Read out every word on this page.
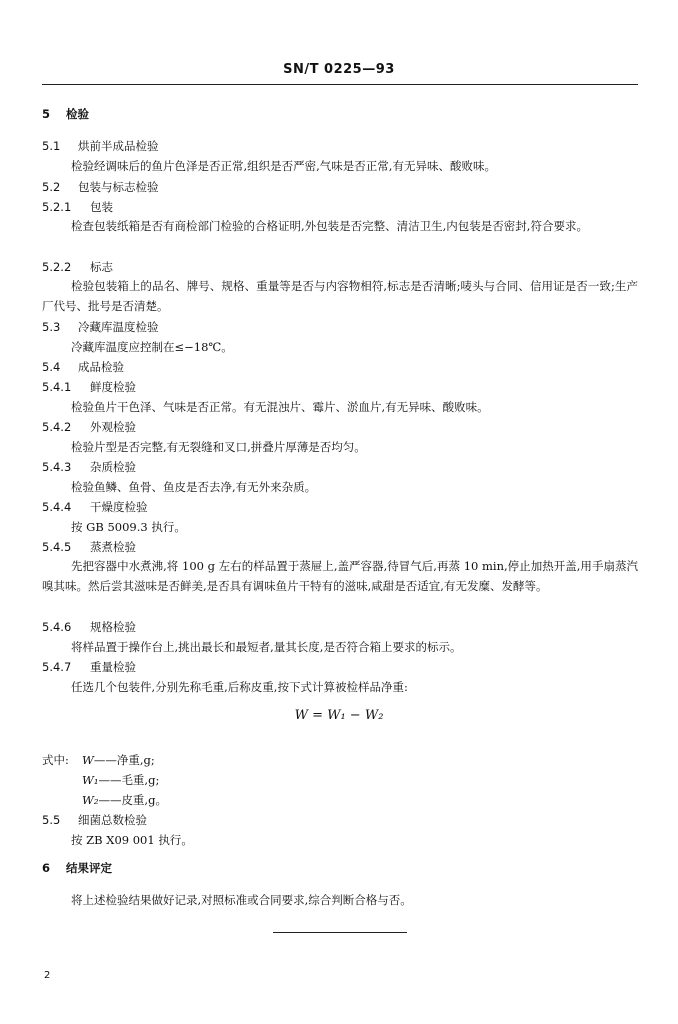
SN/T 0225—93
5 检验
5.1 烘前半成品检验
检验经调味后的鱼片色泽是否正常,组织是否严密,气味是否正常,有无异味、酸败味。
5.2 包装与标志检验
5.2.1 包装
检查包装纸箱是否有商检部门检验的合格证明,外包装是否完整、清洁卫生,内包装是否密封,符合要求。
5.2.2 标志
检验包装箱上的品名、牌号、规格、重量等是否与内容物相符,标志是否清晰;唛头与合同、信用证是否一致;生产厂代号、批号是否清楚。
5.3 冷藏库温度检验
冷藏库温度应控制在≤−18℃。
5.4 成品检验
5.4.1 鲜度检验
检验鱼片干色泽、气味是否正常。有无混浊片、霉片、淤血片,有无异味、酸败味。
5.4.2 外观检验
检验片型是否完整,有无裂缝和叉口,拼叠片厚薄是否均匀。
5.4.3 杂质检验
检验鱼鳞、鱼骨、鱼皮是否去净,有无外来杂质。
5.4.4 干燥度检验
按 GB 5009.3 执行。
5.4.5 蒸煮检验
先把容器中水煮沸,将 100 g 左右的样品置于蒸屉上,盖严容器,待冒气后,再蒸 10 min,停止加热开盖,用手扇蒸汽嗅其味。然后尝其滋味是否鲜美,是否具有调味鱼片干特有的滋味,咸甜是否适宜,有无发糜、发酵等。
5.4.6 规格检验
将样品置于操作台上,挑出最长和最短者,量其长度,是否符合箱上要求的标示。
5.4.7 重量检验
任选几个包装件,分别先称毛重,后称皮重,按下式计算被检样品净重:
W = W₁ − W₂
式中: W——净重,g;
W₁——毛重,g;
W₂——皮重,g。
5.5 细菌总数检验
按 ZB X09 001 执行。
6 结果评定
将上述检验结果做好记录,对照标准或合同要求,综合判断合格与否。
2
